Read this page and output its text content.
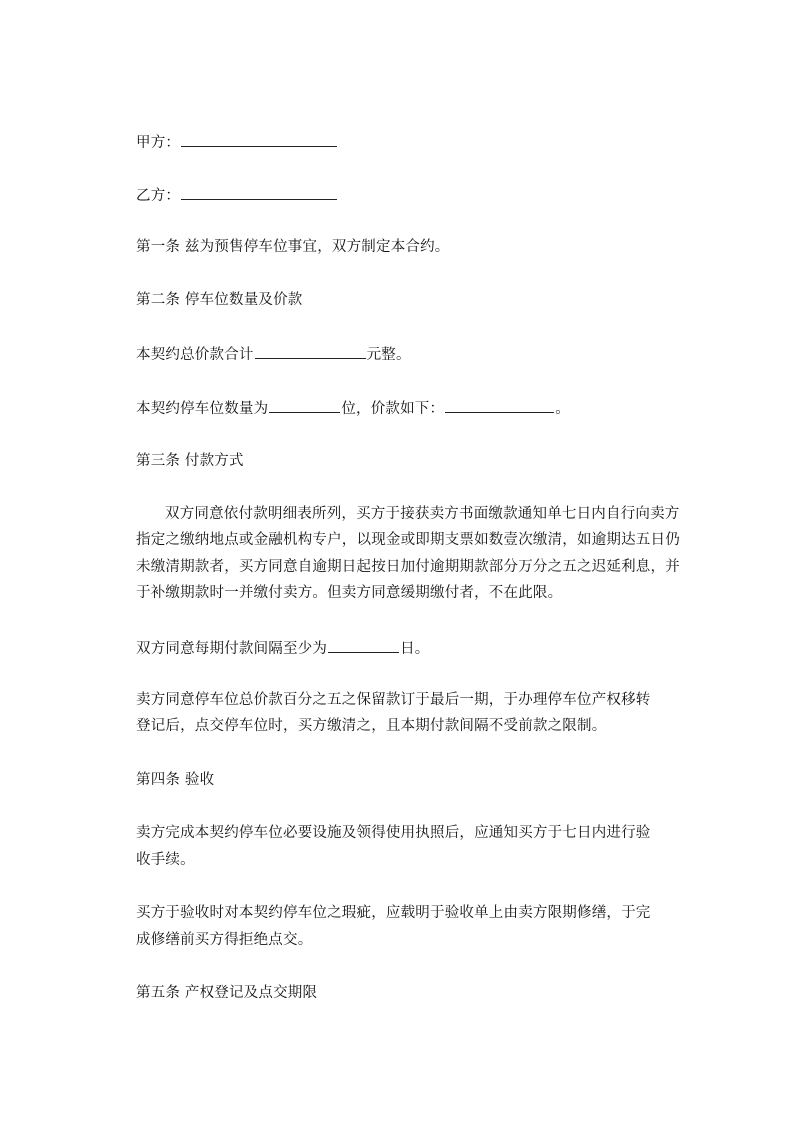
甲方：
乙方：
第一条 兹为预售停车位事宜，双方制定本合约。
第二条 停车位数量及价款
本契约总价款合计	元整。
本契约停车位数量为	位，价款如下：	。
第三条 付款方式
双方同意依付款明细表所列，买方于接获卖方书面缴款通知单七日内自行向卖方
指定之缴纳地点或金融机构专户，以现金或即期支票如数壹次缴清，如逾期达五日仍
未缴清期款者，买方同意自逾期日起按日加付逾期期款部分万分之五之迟延利息，并
于补缴期款时一并缴付卖方。但卖方同意缓期缴付者，不在此限。
双方同意每期付款间隔至少为	日。
卖方同意停车位总价款百分之五之保留款订于最后一期，于办理停车位产权移转
登记后，点交停车位时，买方缴清之，且本期付款间隔不受前款之限制。
第四条 验收
卖方完成本契约停车位必要设施及领得使用执照后，应通知买方于七日内进行验
收手续。
买方于验收时对本契约停车位之瑕疵，应载明于验收单上由卖方限期修缮，于完
成修缮前买方得拒绝点交。
第五条 产权登记及点交期限
